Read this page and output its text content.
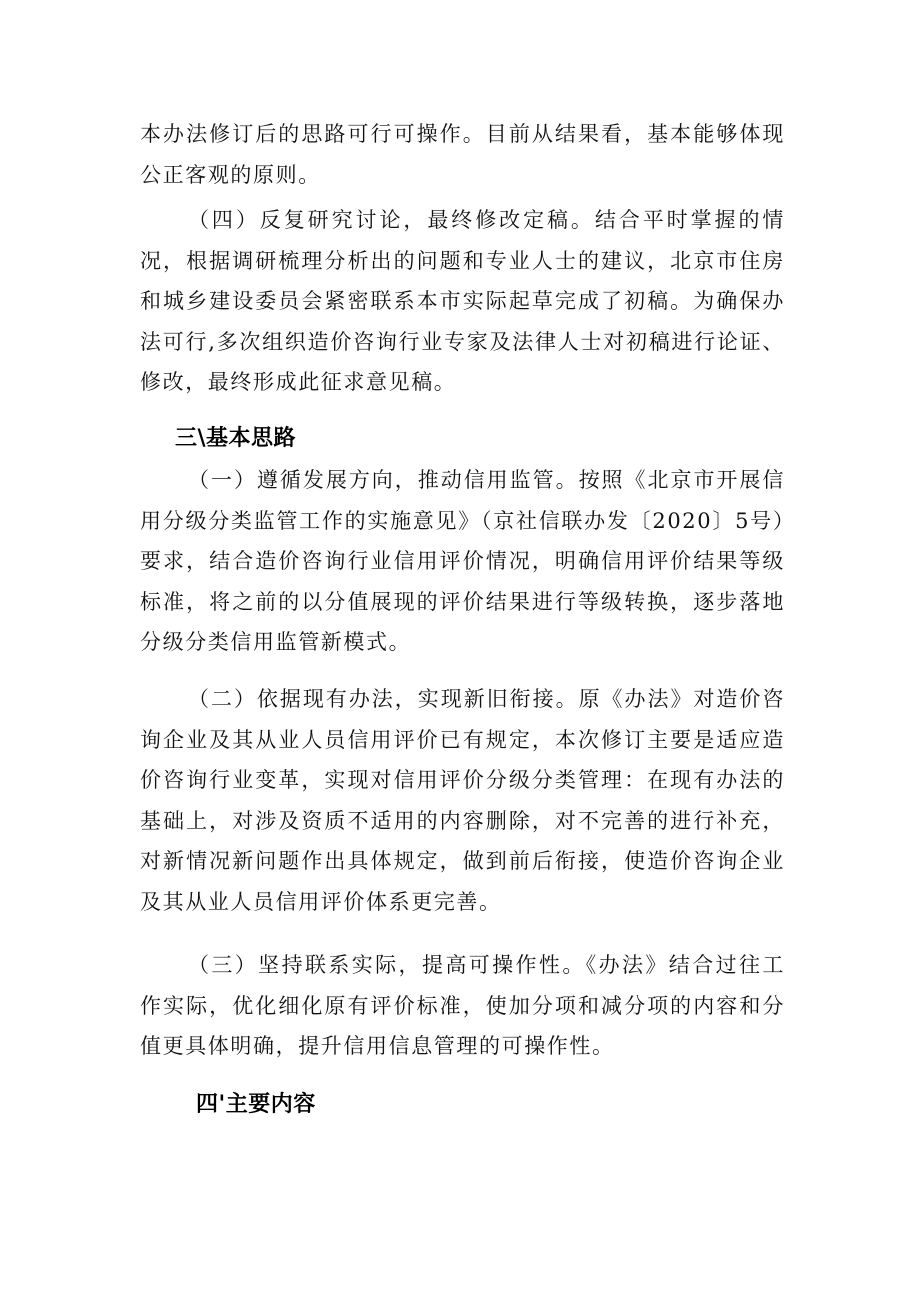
本办法修订后的思路可行可操作。目前从结果看，基本能够体现公正客观的原则。

（四）反复研究讨论，最终修改定稿。结合平时掌握的情况，根据调研梳理分析出的问题和专业人士的建议，北京市住房和城乡建设委员会紧密联系本市实际起草完成了初稿。为确保办法可行,多次组织造价咨询行业专家及法律人士对初稿进行论证、修改，最终形成此征求意见稿。

三\基本思路

（一）遵循发展方向，推动信用监管。按照《北京市开展信用分级分类监管工作的实施意见》（京社信联办发〔2020〕5号）要求，结合造价咨询行业信用评价情况，明确信用评价结果等级标准，将之前的以分值展现的评价结果进行等级转换，逐步落地分级分类信用监管新模式。

（二）依据现有办法，实现新旧衔接。原《办法》对造价咨询企业及其从业人员信用评价已有规定，本次修订主要是适应造价咨询行业变革，实现对信用评价分级分类管理：在现有办法的基础上，对涉及资质不适用的内容删除，对不完善的进行补充，对新情况新问题作出具体规定，做到前后衔接，使造价咨询企业及其从业人员信用评价体系更完善。

（三）坚持联系实际，提高可操作性。《办法》结合过往工作实际，优化细化原有评价标准，使加分项和减分项的内容和分值更具体明确，提升信用信息管理的可操作性。

四'主要内容
